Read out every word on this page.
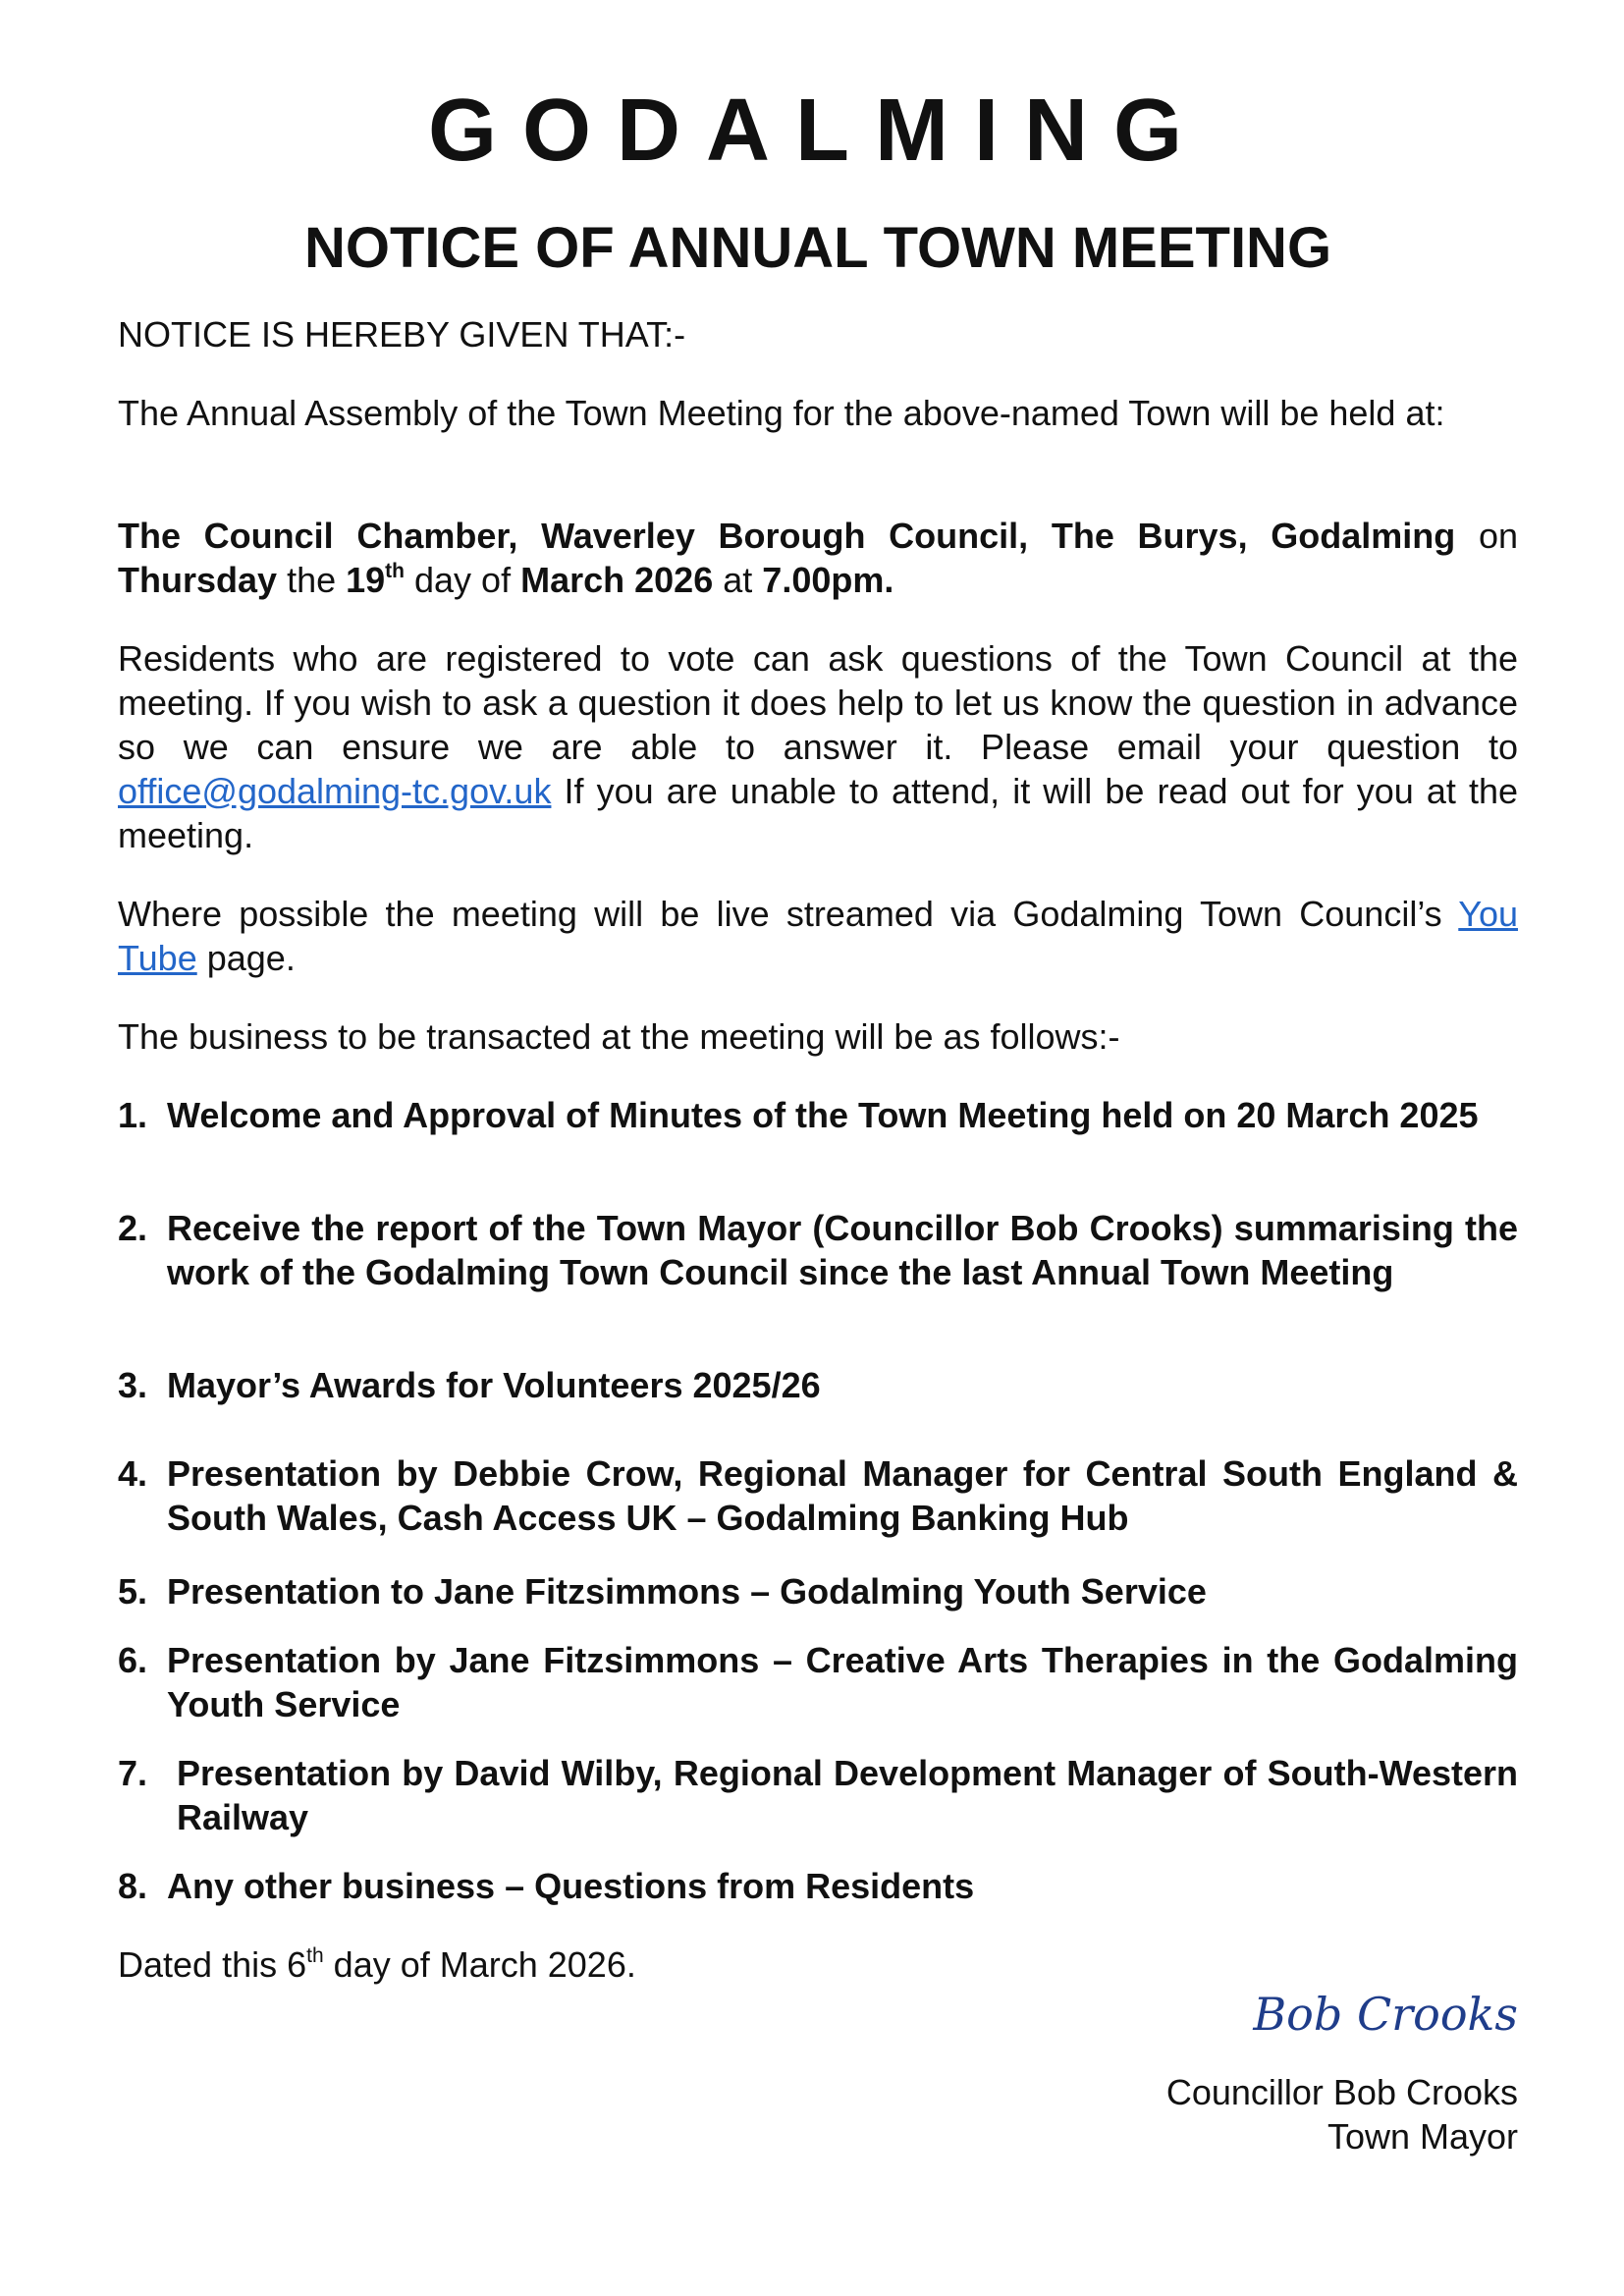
GODALMING
NOTICE OF ANNUAL TOWN MEETING
NOTICE IS HEREBY GIVEN THAT:-
The Annual Assembly of the Town Meeting for the above-named Town will be held at:
The Council Chamber, Waverley Borough Council, The Burys, Godalming on Thursday the 19th day of March 2026 at 7.00pm.
Residents who are registered to vote can ask questions of the Town Council at the meeting. If you wish to ask a question it does help to let us know the question in advance so we can ensure we are able to answer it. Please email your question to office@godalming-tc.gov.uk If you are unable to attend, it will be read out for you at the meeting.
Where possible the meeting will be live streamed via Godalming Town Council’s You Tube page.
The business to be transacted at the meeting will be as follows:-
1. Welcome and Approval of Minutes of the Town Meeting held on 20 March 2025
2. Receive the report of the Town Mayor (Councillor Bob Crooks) summarising the work of the Godalming Town Council since the last Annual Town Meeting
3. Mayor’s Awards for Volunteers 2025/26
4. Presentation by Debbie Crow, Regional Manager for Central South England & South Wales, Cash Access UK – Godalming Banking Hub
5. Presentation to Jane Fitzsimmons – Godalming Youth Service
6. Presentation by Jane Fitzsimmons – Creative Arts Therapies in the Godalming Youth Service
7. Presentation by David Wilby, Regional Development Manager of South-Western Railway
8. Any other business – Questions from Residents
Dated this 6th day of March 2026.
Bob Crooks
Councillor Bob Crooks
Town Mayor
